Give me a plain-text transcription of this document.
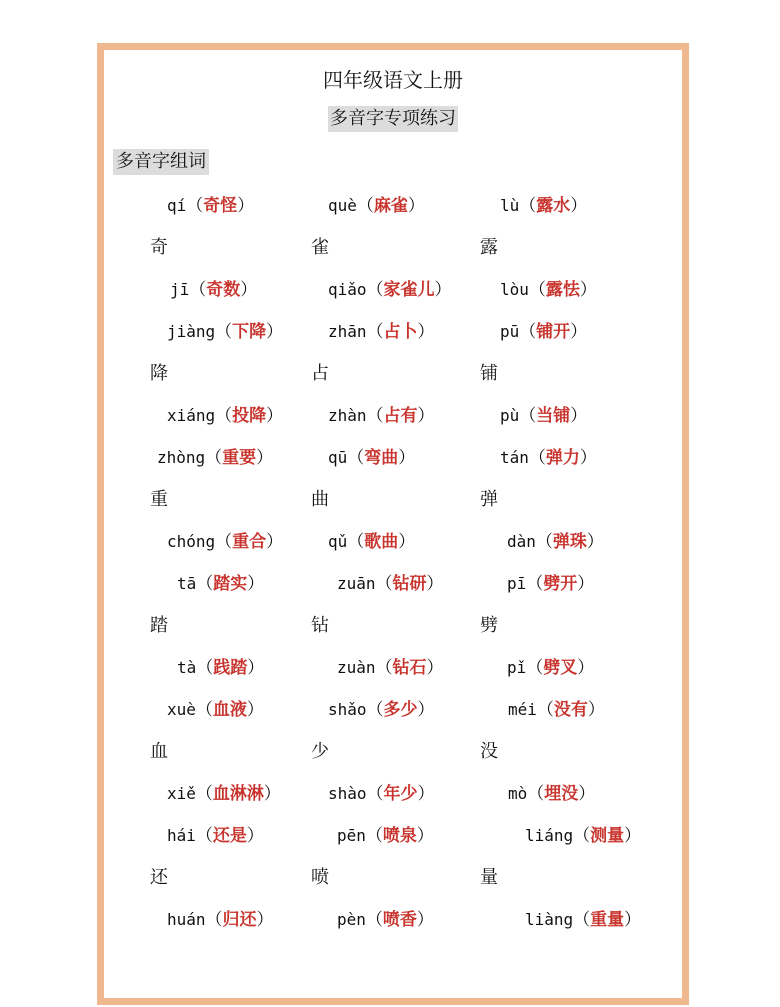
四年级语文上册
多音字专项练习
多音字组词
qí（奇怪）
奇
jī（奇数）
què（麻雀）
雀
qiǎo（家雀儿）
lù（露水）
露
lòu（露怯）
jiàng（下降）
降
xiáng（投降）
zhān（占卜）
占
zhàn（占有）
pū（铺开）
铺
pù（当铺）
zhòng（重要）
重
chóng（重合）
qū（弯曲）
曲
qǔ（歌曲）
tán（弹力）
弹
dàn（弹珠）
tā（踏实）
踏
tà（践踏）
zuān（钻研）
钻
zuàn（钻石）
pī（劈开）
劈
pǐ（劈叉）
xuè（血液）
血
xiě（血淋淋）
shǎo（多少）
少
shào（年少）
méi（没有）
没
mò（埋没）
hái（还是）
还
huán（归还）
pēn（喷泉）
喷
pèn（喷香）
liáng（测量）
量
liàng（重量）
